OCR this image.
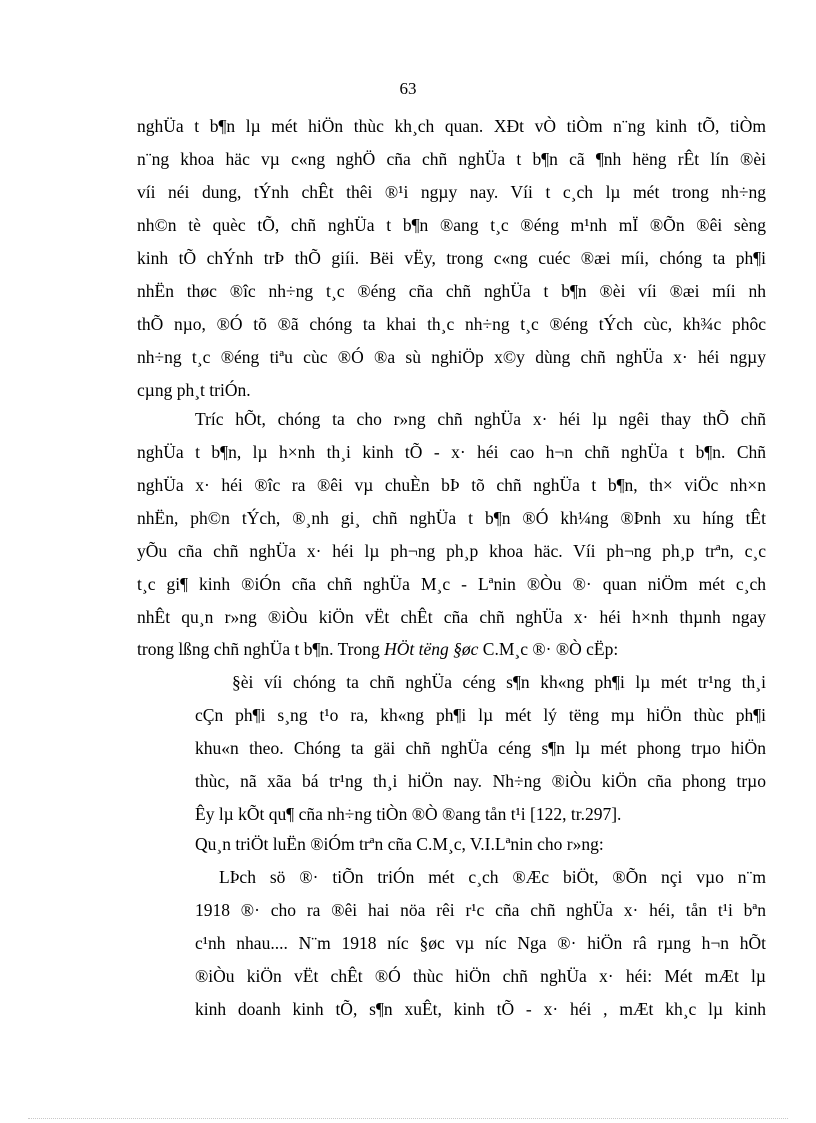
63
nghÜa t b¶n lµ mét hiÖn thùc kh¸ch quan. XÐt vÒ tiÒm n¨ng kinh tÕ, tiÒm
n¨ng khoa häc vµ c«ng nghÖ cña chñ nghÜa t b¶n cã ¶nh hëng rÊt lín ®èi
víi néi dung, tÝnh chÊt thêi ®¹i ngµy nay. Víi t c¸ch lµ mét trong nh÷ng
nh©n tè quèc tÕ, chñ nghÜa t b¶n ®ang t¸c ®éng m¹nh mÏ ®Õn ®êi sèng
kinh tÕ chÝnh trÞ thÕ giíi. Bëi vËy, trong c«ng cuéc ®æi míi, chóng ta ph¶i
nhËn thøc ®îc nh÷ng t¸c ®éng cña chñ nghÜa t b¶n ®èi víi ®æi míi nh
thÕ nµo, ®Ó tõ ®ã chóng ta khai th¸c nh÷ng t¸c ®éng tÝch cùc, kh¾c phôc
nh÷ng t¸c ®éng tiªu cùc ®Ó ®a sù nghiÖp x©y dùng chñ nghÜa x· héi ngµy
cµng ph¸t triÓn.
Tríc hÕt, chóng ta cho r»ng chñ nghÜa x· héi lµ ngêi thay thÕ chñ
nghÜa t b¶n, lµ h×nh th¸i kinh tÕ - x· héi cao h¬n chñ nghÜa t b¶n. Chñ
nghÜa x· héi ®îc ra ®êi vµ chuÈn bÞ tõ chñ nghÜa t b¶n, th× viÖc nh×n
nhËn, ph©n tÝch, ®¸nh gi¸ chñ nghÜa t b¶n ®Ó kh¼ng ®Þnh xu híng tÊt
yÕu cña chñ nghÜa x· héi lµ ph¬ng ph¸p khoa häc. Víi ph¬ng ph¸p trªn, c¸c
t¸c gi¶ kinh ®iÓn cña chñ nghÜa M¸c - Lªnin ®Òu ®· quan niÖm mét c¸ch
nhÊt qu¸n r»ng ®iÒu kiÖn vËt chÊt cña chñ nghÜa x· héi h×nh thµnh ngay
trong lßng chñ nghÜa t b¶n. Trong HÖt tëng §øc C.M¸c ®· ®Ò cËp:
§èi víi chóng ta chñ nghÜa céng s¶n kh«ng ph¶i lµ mét tr¹ng th¸i
cÇn ph¶i s¸ng t¹o ra, kh«ng ph¶i lµ mét lý tëng mµ hiÖn thùc ph¶i
khu«n theo. Chóng ta gäi chñ nghÜa céng s¶n lµ mét phong trµo hiÖn
thùc, nã xãa bá tr¹ng th¸i hiÖn nay. Nh÷ng ®iÒu kiÖn cña phong trµo
Êy lµ kÕt qu¶ cña nh÷ng tiÒn ®Ò ®ang tån t¹i [122, tr.297].
Qu¸n triÖt luËn ®iÓm trªn cña C.M¸c, V.I.Lªnin cho r»ng:
LÞch sö ®· tiÕn triÓn mét c¸ch ®Æc biÖt, ®Õn nçi vµo n¨m
1918 ®· cho ra ®êi hai nöa rêi r¹c cña chñ nghÜa x· héi, tån t¹i bªn
c¹nh nhau.... N¨m 1918 níc §øc vµ níc Nga ®· hiÖn râ rµng h¬n hÕt
®iÒu kiÖn vËt chÊt ®Ó thùc hiÖn chñ nghÜa x· héi: Mét mÆt lµ
kinh doanh kinh tÕ, s¶n xuÊt, kinh tÕ - x· héi , mÆt kh¸c lµ kinh
